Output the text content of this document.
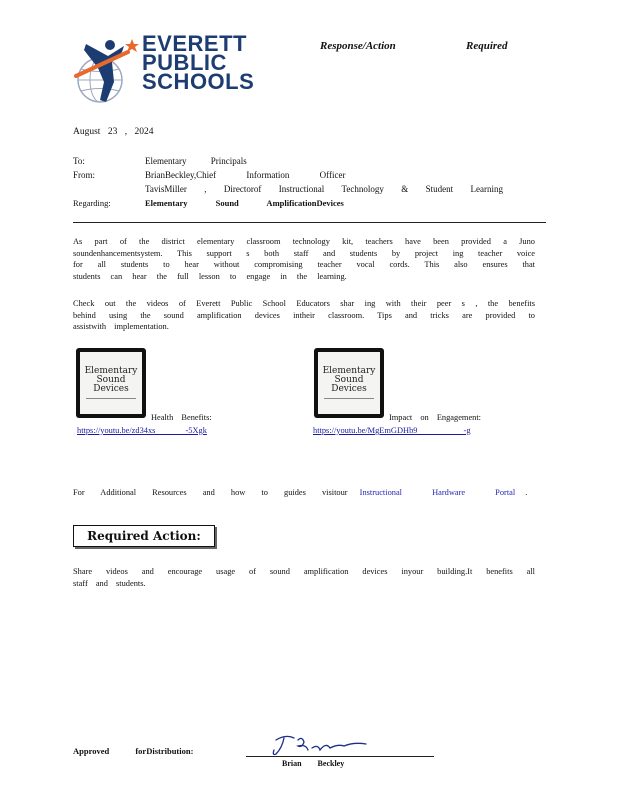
EVERETT
PUBLIC
SCHOOLS
Response/Action	Required
August 23 , 2024
To:	Elementary Principals
From:	BrianBeckley,Chief Information Officer
TavisMiller , Directorof Instructional Technology & Student Learning
Regarding:	Elementary Sound AmplificationDevices
As part of the district elementary classroom technology kit, teachers have been provided a Juno
soundenhancementsystem. This support s both staff and students by project ing teacher voice
for all students to hear without compromising teacher vocal cords. This also ensures that
students can hear the full lesson to engage in the learning.
Check out the videos of Everett Public School Educators shar ing with their peer s , the benefits
behind using the sound amplification devices intheir classroom. Tips and tricks are provided to
assistwith implementation.
Elementary
Sound Devices
Health Benefits:
https://youtu.be/zd34xs -5Xgk
Elementary
Sound Devices
Impact on Engagement:
https://youtu.be/MgEmGDHb9 -g
For Additional Resources and how to guides visitour Instructional Hardware Portal .
Required Action:
Share videos and encourage usage of sound amplification devices inyour building.It benefits all
staff and students.
Approved forDistribution:
Brian Beckley
